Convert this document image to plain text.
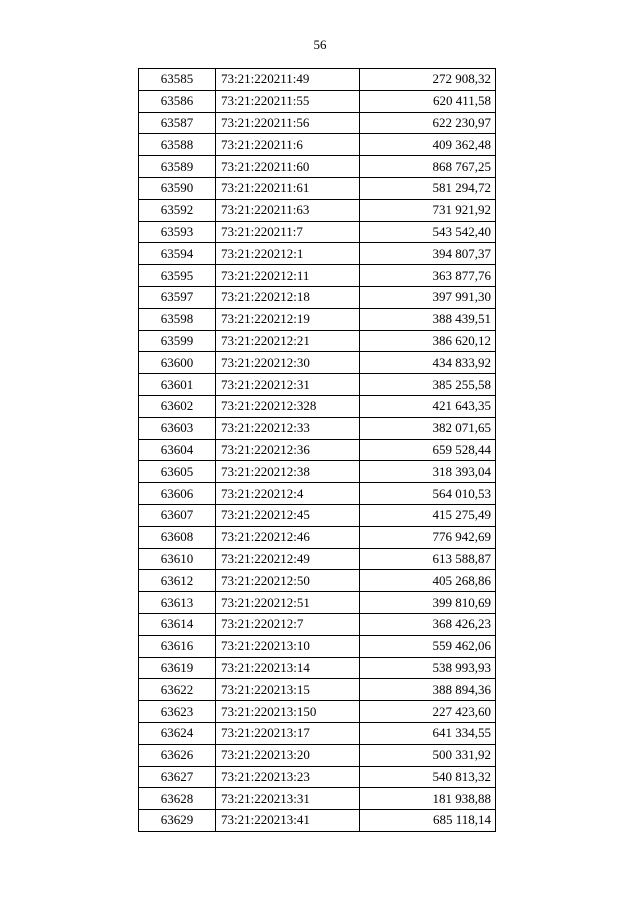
56
63585	73:21:220211:49	272 908,32
63586	73:21:220211:55	620 411,58
63587	73:21:220211:56	622 230,97
63588	73:21:220211:6	409 362,48
63589	73:21:220211:60	868 767,25
63590	73:21:220211:61	581 294,72
63592	73:21:220211:63	731 921,92
63593	73:21:220211:7	543 542,40
63594	73:21:220212:1	394 807,37
63595	73:21:220212:11	363 877,76
63597	73:21:220212:18	397 991,30
63598	73:21:220212:19	388 439,51
63599	73:21:220212:21	386 620,12
63600	73:21:220212:30	434 833,92
63601	73:21:220212:31	385 255,58
63602	73:21:220212:328	421 643,35
63603	73:21:220212:33	382 071,65
63604	73:21:220212:36	659 528,44
63605	73:21:220212:38	318 393,04
63606	73:21:220212:4	564 010,53
63607	73:21:220212:45	415 275,49
63608	73:21:220212:46	776 942,69
63610	73:21:220212:49	613 588,87
63612	73:21:220212:50	405 268,86
63613	73:21:220212:51	399 810,69
63614	73:21:220212:7	368 426,23
63616	73:21:220213:10	559 462,06
63619	73:21:220213:14	538 993,93
63622	73:21:220213:15	388 894,36
63623	73:21:220213:150	227 423,60
63624	73:21:220213:17	641 334,55
63626	73:21:220213:20	500 331,92
63627	73:21:220213:23	540 813,32
63628	73:21:220213:31	181 938,88
63629	73:21:220213:41	685 118,14
